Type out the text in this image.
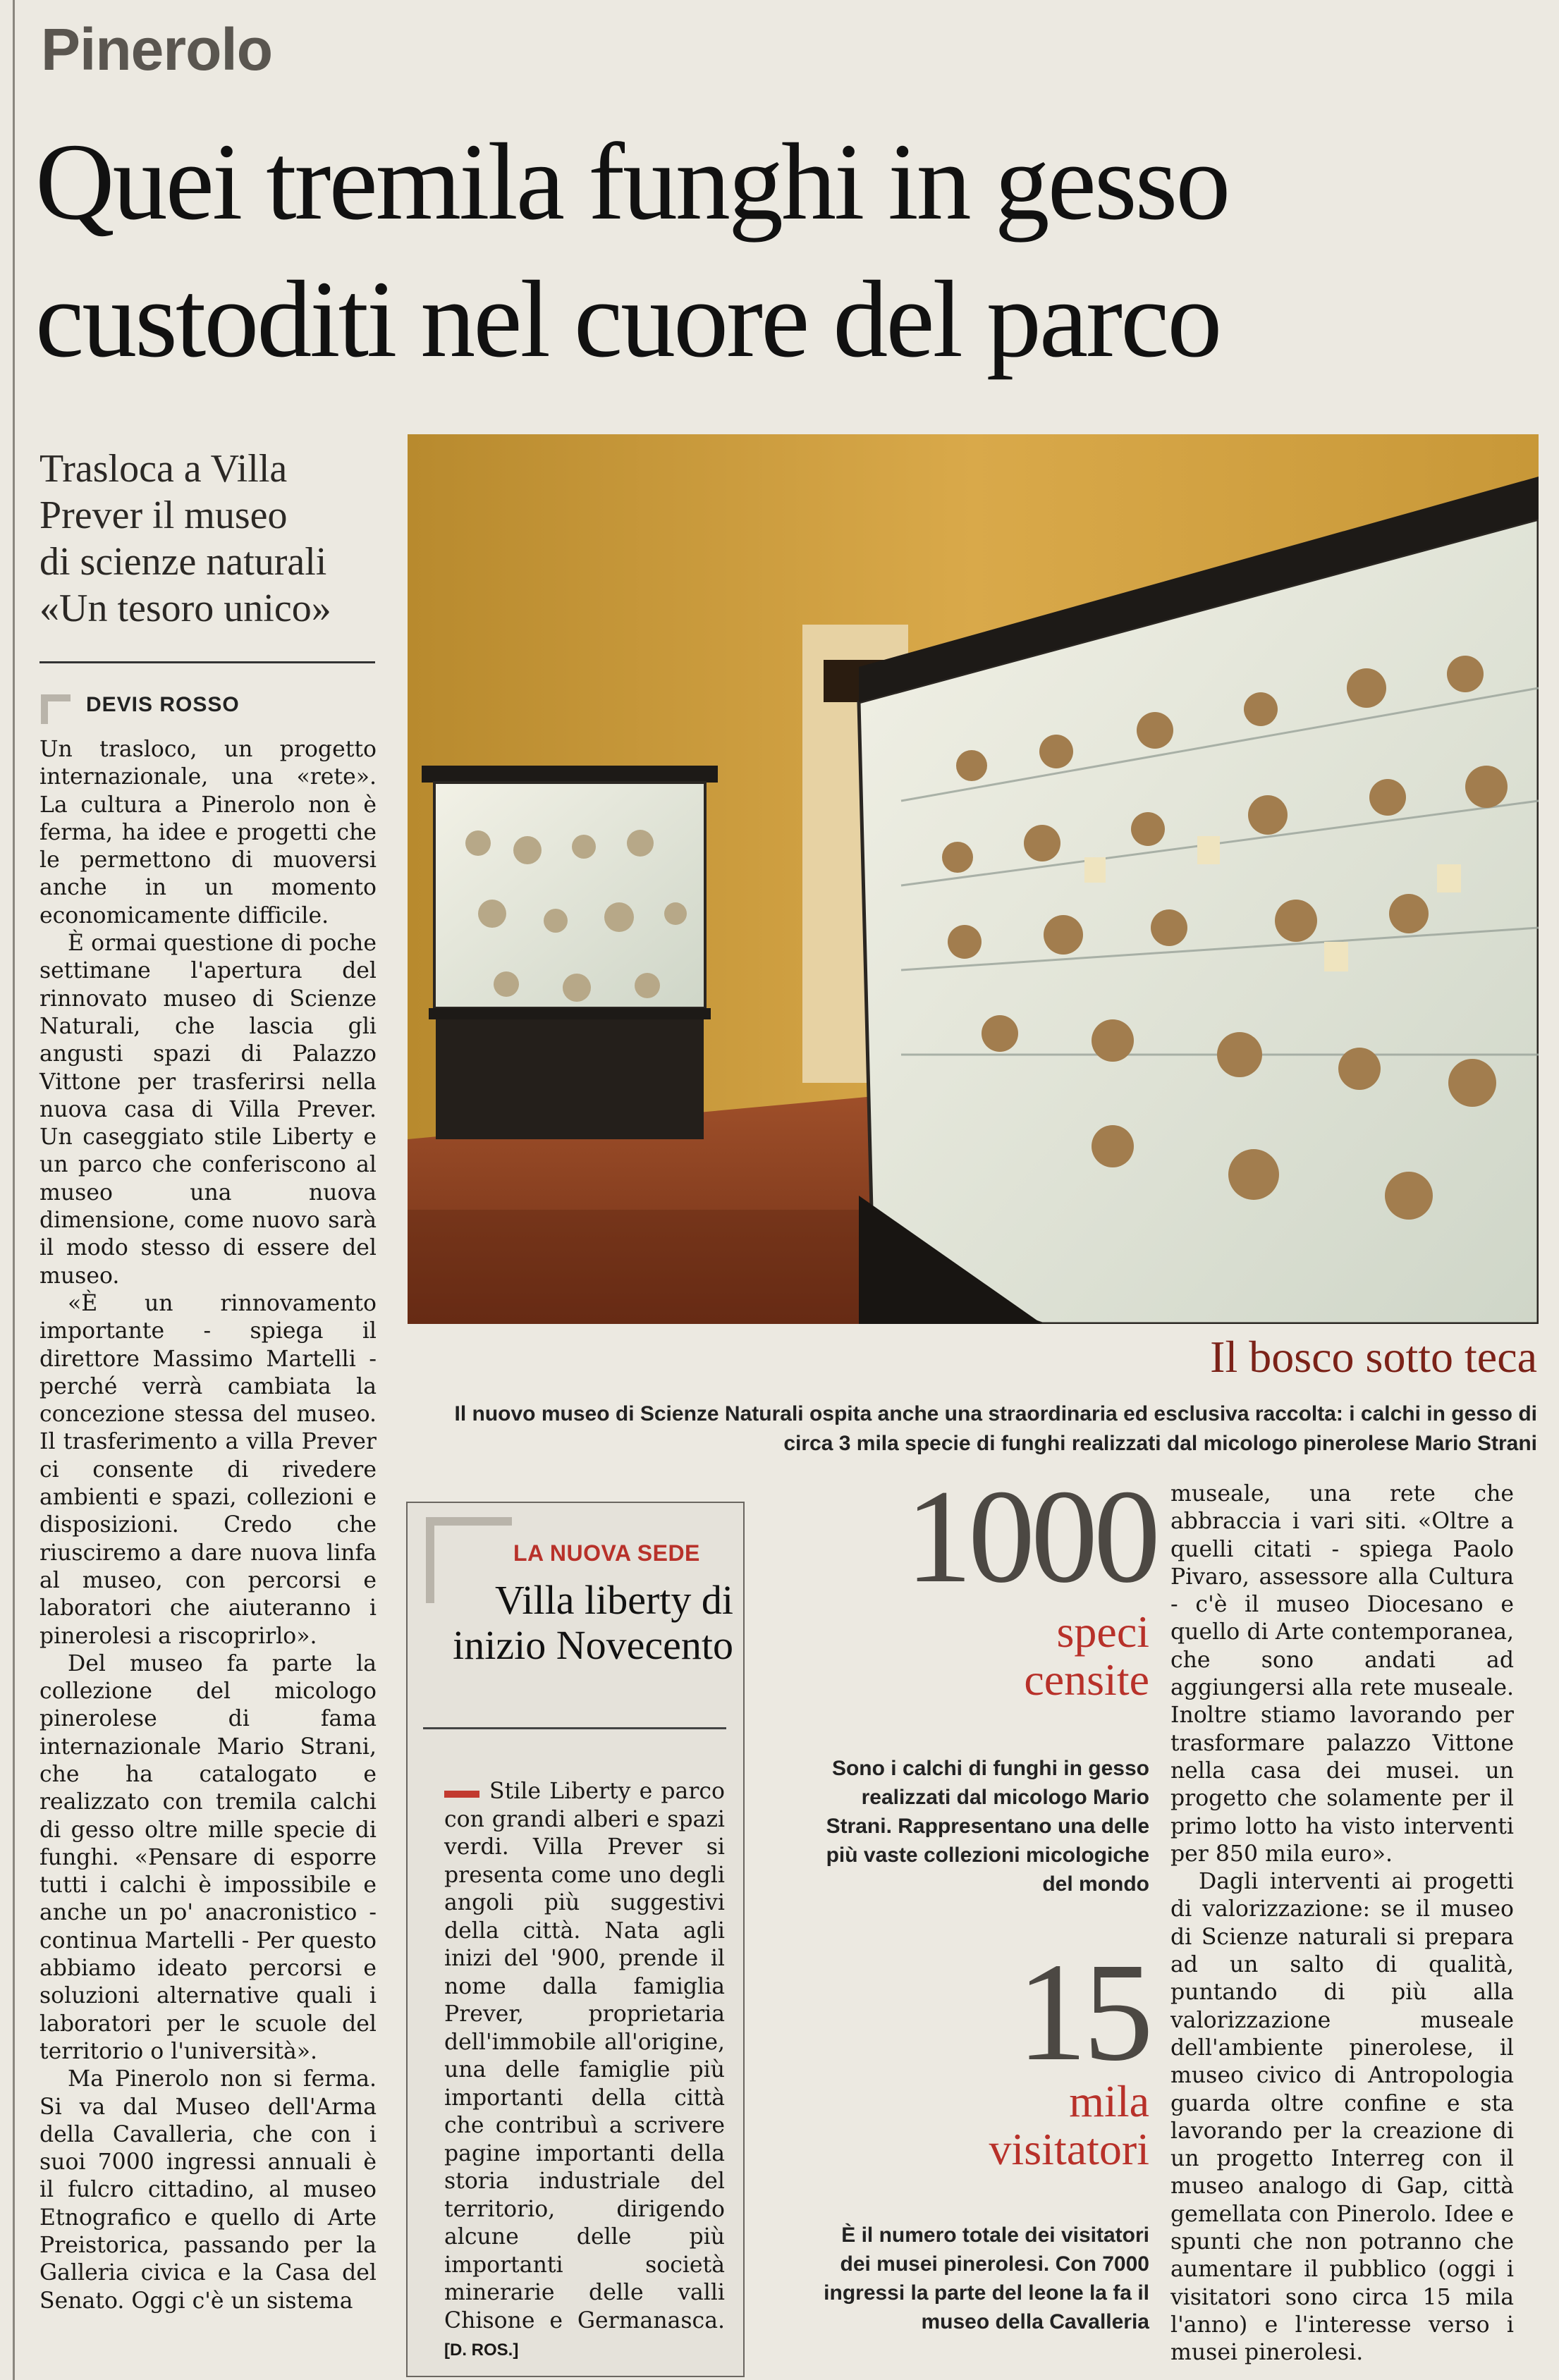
Pinerolo
Quei tremila funghi in gesso
custoditi nel cuore del parco
Trasloca a Villa
Prever il museo
di scienze naturali
«Un tesoro unico»
DEVIS ROSSO

Un trasloco, un progetto internazionale, una «rete». La cultura a Pinerolo non è ferma, ha idee e progetti che le permettono di muoversi anche in un momento economicamente difficile.

È ormai questione di poche settimane l'apertura del rinnovato museo di Scienze Naturali, che lascia gli angusti spazi di Palazzo Vittone per trasferirsi nella nuova casa di Villa Prever. Un caseggiato stile Liberty e un parco che conferiscono al museo una nuova dimensione, come nuovo sarà il modo stesso di essere del museo.

«È un rinnovamento importante - spiega il direttore Massimo Martelli - perché verrà cambiata la concezione stessa del museo. Il trasferimento a villa Prever ci consente di rivedere ambienti e spazi, collezioni e disposizioni. Credo che riusciremo a dare nuova linfa al museo, con percorsi e laboratori che aiuteranno i pinerolesi a riscoprirlo».

Del museo fa parte la collezione del micologo pinerolese di fama internazionale Mario Strani, che ha catalogato e realizzato con tremila calchi di gesso oltre mille specie di funghi. «Pensare di esporre tutti i calchi è impossibile e anche un po' anacronistico - continua Martelli - Per questo abbiamo ideato percorsi e soluzioni alternative quali i laboratori per le scuole del territorio o l'università».

Ma Pinerolo non si ferma. Si va dal Museo dell'Arma della Cavalleria, che con i suoi 7000 ingressi annuali è il fulcro cittadino, al museo Etnografico e quello di Arte Preistorica, passando per la Galleria civica e la Casa del Senato. Oggi c'è un sistema

Il bosco sotto teca
Il nuovo museo di Scienze Naturali ospita anche una straordinaria ed esclusiva raccolta: i calchi in gesso di circa 3 mila specie di funghi realizzati dal micologo pinerolese Mario Strani
LA NUOVA SEDE
Villa liberty di inizio Novecento

Stile Liberty e parco con grandi alberi e spazi verdi. Villa Prever si presenta come uno degli angoli più suggestivi della città. Nata agli inizi del '900, prende il nome dalla famiglia Prever, proprietaria dell'immobile all'origine, una delle famiglie più importanti della città che contribuì a scrivere pagine importanti della storia industriale del territorio, dirigendo alcune delle più importanti società minerarie delle valli Chisone e Germanasca. [D. ROS.]

1000
speci
censite
Sono i calchi di funghi in gesso realizzati dal micologo Mario Strani. Rappresentano una delle più vaste collezioni micologiche del mondo
15
mila
visitatori
È il numero totale dei visitatori dei musei pinerolesi. Con 7000 ingressi la parte del leone la fa il museo della Cavalleria

museale, una rete che abbraccia i vari siti. «Oltre a quelli citati - spiega Paolo Pivaro, assessore alla Cultura - c'è il museo Diocesano e quello di Arte contemporanea, che sono andati ad aggiungersi alla rete museale. Inoltre stiamo lavorando per trasformare palazzo Vittone nella casa dei musei. un progetto che solamente per il primo lotto ha visto interventi per 850 mila euro».

Dagli interventi ai progetti di valorizzazione: se il museo di Scienze naturali si prepara ad un salto di qualità, puntando di più alla valorizzazione museale dell'ambiente pinerolese, il museo civico di Antropologia guarda oltre confine e sta lavorando per la creazione di un progetto Interreg con il museo analogo di Gap, città gemellata con Pinerolo. Idee e spunti che non potranno che aumentare il pubblico (oggi i visitatori sono circa 15 mila l'anno) e l'interesse verso i musei pinerolesi.
